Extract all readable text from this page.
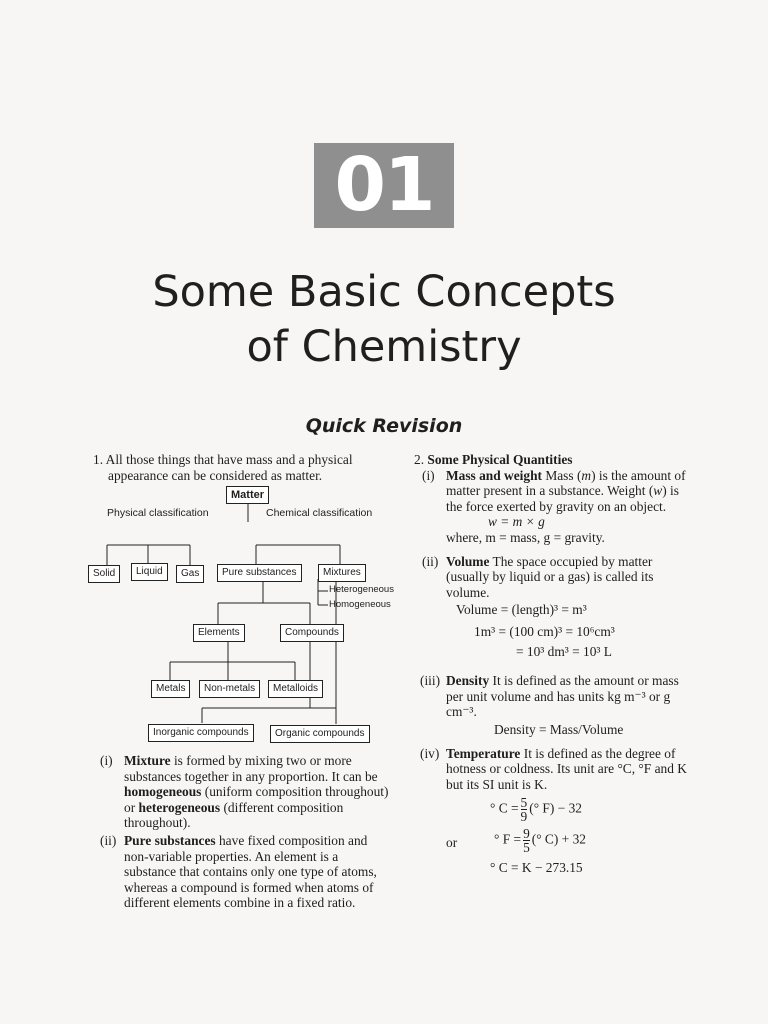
01
Some Basic Concepts
of Chemistry
Quick Revision

1. All those things that have mass and a physical appearance can be considered as matter.

Matter
Physical classification	Chemical classification
Solid	Liquid	Gas	Pure substances	Mixtures
Heterogeneous
Homogeneous
Elements	Compounds
Metals	Non-metals	Metalloids
Inorganic compounds	Organic compounds

(i) Mixture is formed by mixing two or more substances together in any proportion. It can be homogeneous (uniform composition throughout) or heterogeneous (different composition throughout).

(ii) Pure substances have fixed composition and non-variable properties. An element is a substance that contains only one type of atoms, whereas a compound is formed when atoms of different elements combine in a fixed ratio.

2. Some Physical Quantities

(i) Mass and weight Mass (m) is the amount of matter present in a substance. Weight (w) is the force exerted by gravity on an object.

w = m × g

where, m = mass, g = gravity.

(ii) Volume The space occupied by matter (usually by liquid or a gas) is called its volume.

Volume = (length)³ = m³

1m³ = (100 cm)³ = 10⁶cm³

= 10³ dm³ = 10³ L

(iii) Density It is defined as the amount or mass per unit volume and has units kg m⁻³ or g cm⁻³.

Density = Mass/Volume

(iv) Temperature It is defined as the degree of hotness or coldness. Its unit are °C, °F and K but its SI unit is K.

° $C = \frac{5}{9}$ (° F) − 32

or	° $F = \frac{9}{5}$ (° C) + 32

° C = K − 273.15
